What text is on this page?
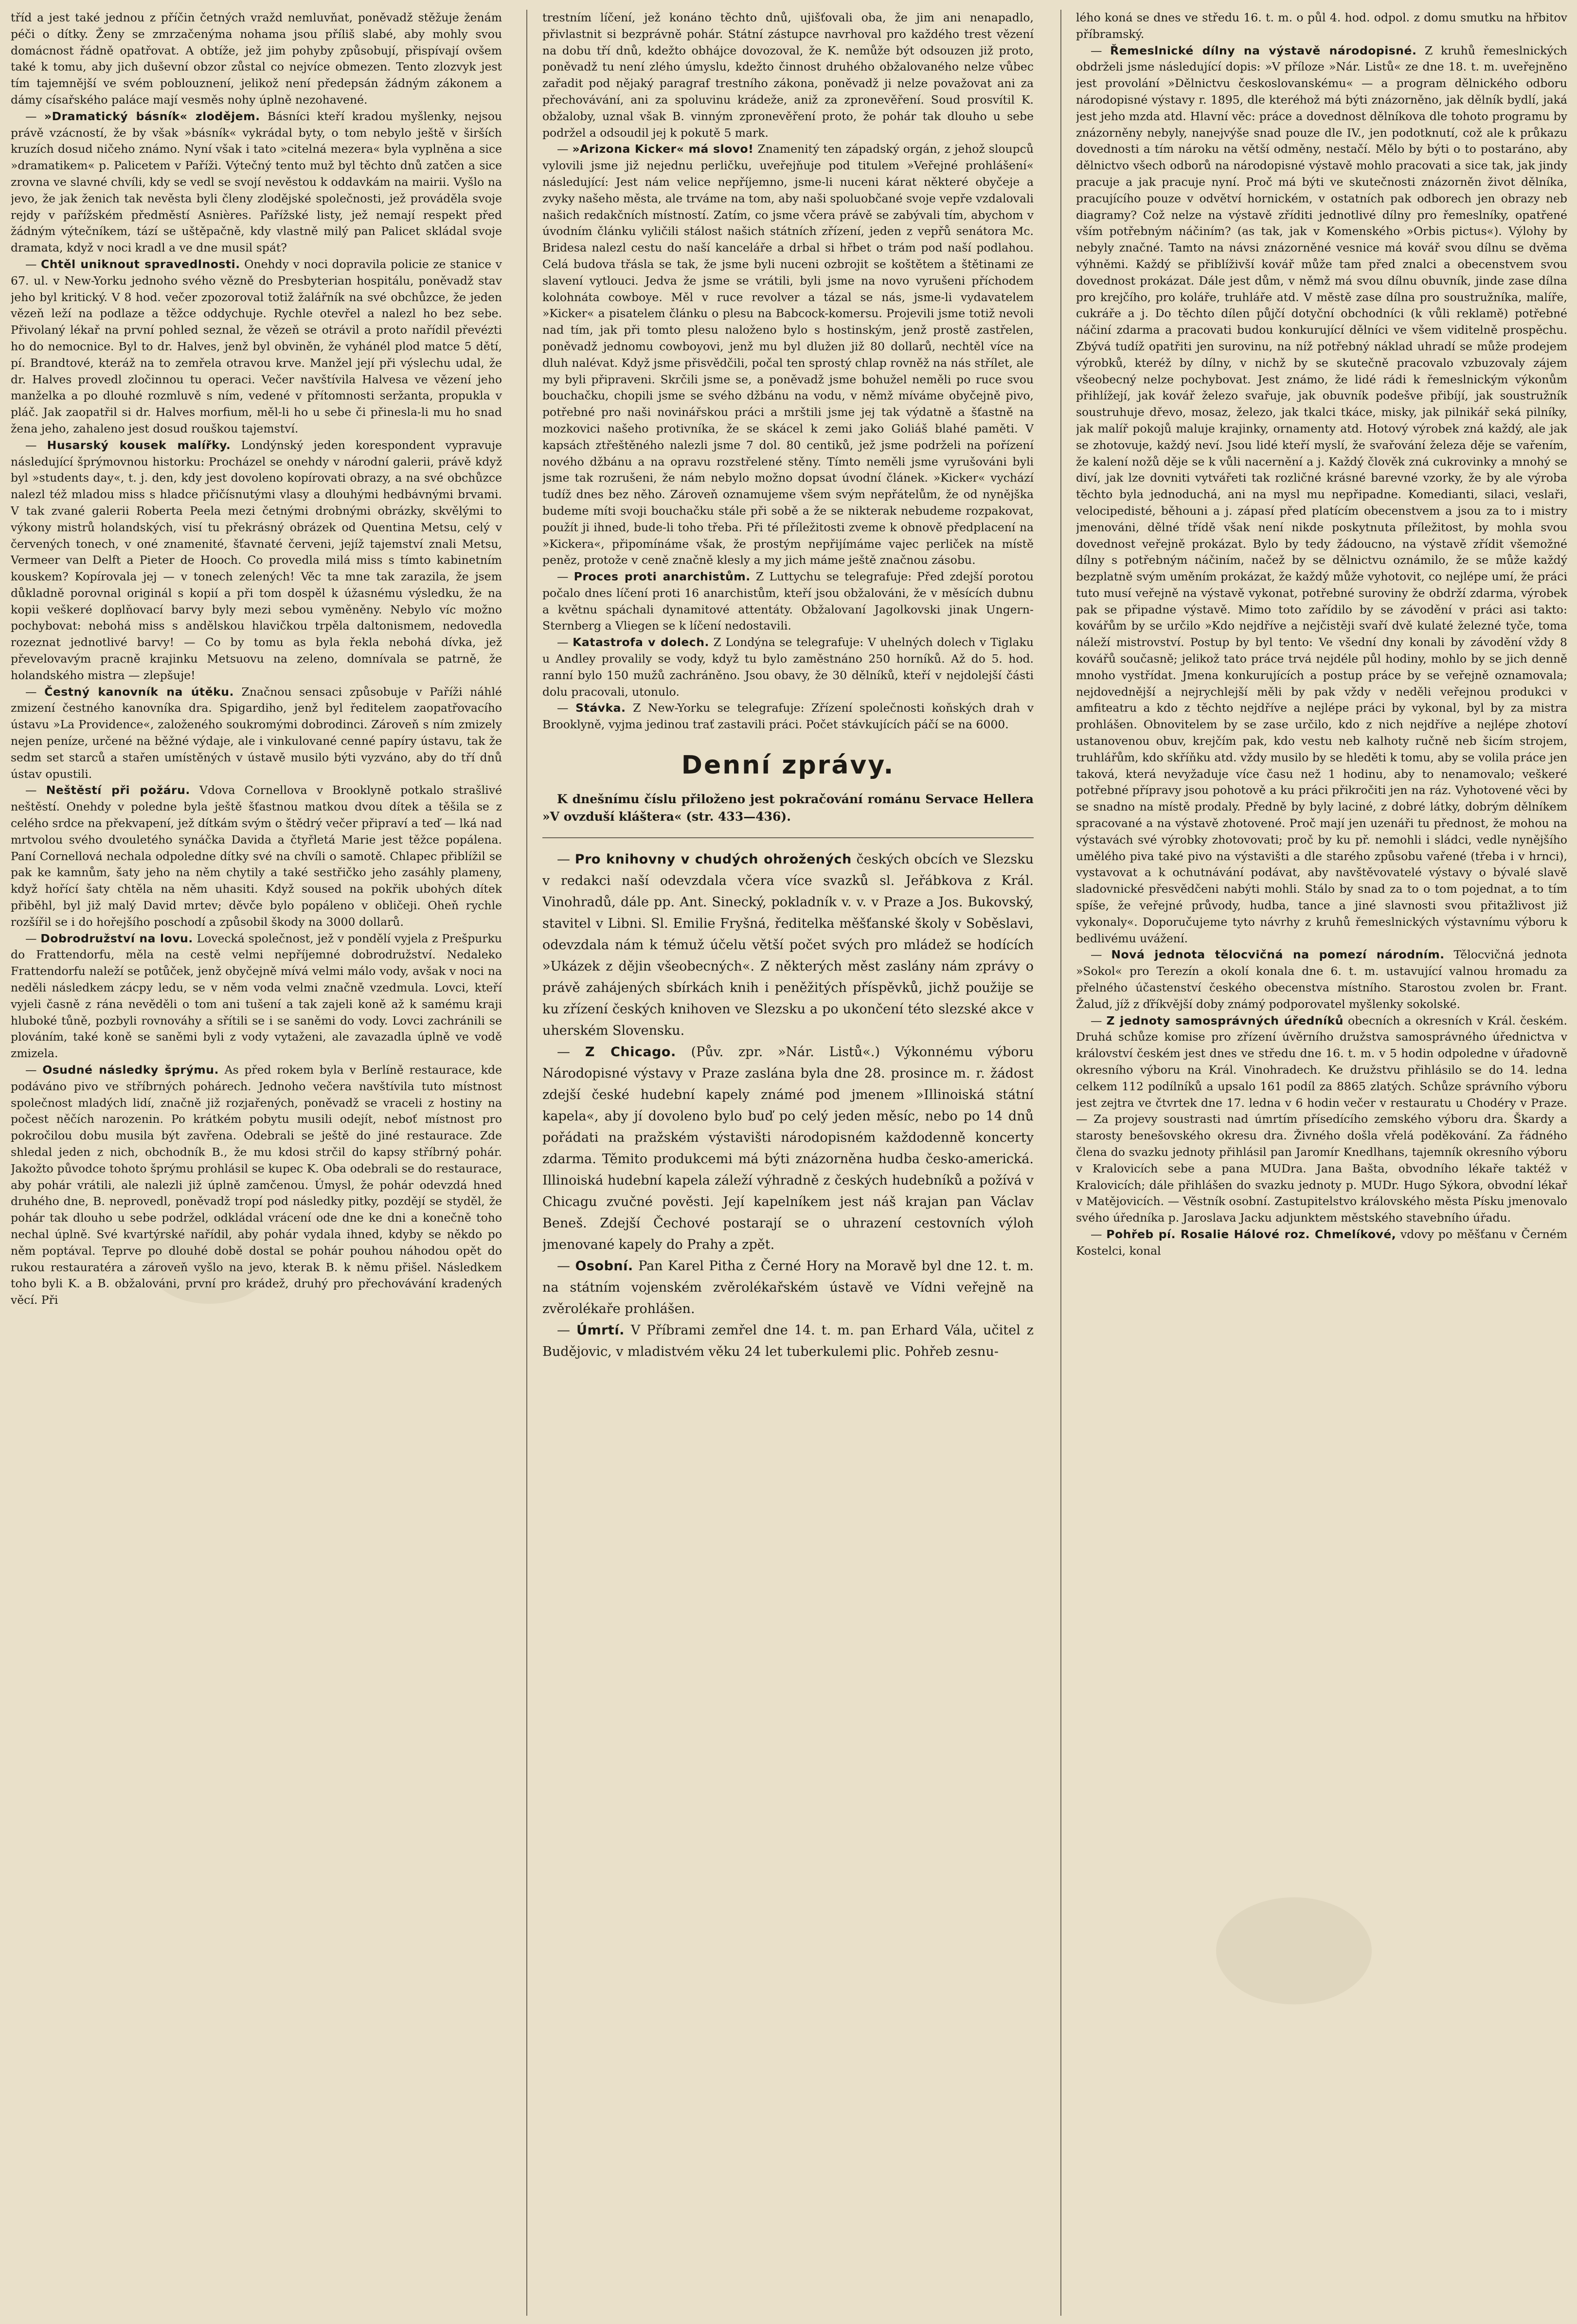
tříd a jest také jednou z příčin četných vražd nemluvňat, poněvadž stěžuje ženám péči o dítky. Ženy se zmrzačenýma nohama jsou příliš slabé, aby mohly svou domácnost řádně opatřovat. A obtíže, jež jim pohyby způsobují, přispívají ovšem také k tomu, aby jich duševní obzor zůstal co nejvíce obmezen. Tento zlozvyk jest tím tajemnější ve svém poblouznení, jelikož není předepsán žádným zákonem a dámy císařského paláce mají vesměs nohy úplně nezohavené.

— »Dramatický básník« zlodějem. Básníci kteří kradou myšlenky, nejsou právě vzácností, že by však »básník« vykrádal byty, o tom nebylo ještě v širších kruzích dosud ničeho známo. Nyní však i tato »citelná mezera« byla vyplněna a sice »dramatikem« p. Palicetem v Paříži. Výtečný tento muž byl těchto dnů zatčen a sice zrovna ve slavné chvíli, kdy se vedl se svojí nevěstou k oddavkám na mairii. Vyšlo na jevo, že jak ženich tak nevěsta byli členy zlodějské společnosti, jež prováděla svoje rejdy v pařížském předměstí Asnières. Pařížské listy, jež nemají respekt před žádným výtečníkem, tází se uštěpačně, kdy vlastně milý pan Palicet skládal svoje dramata, když v noci kradl a ve dne musil spát?

— Chtěl uniknout spravedlnosti. Onehdy v noci dopravila policie ze stanice v 67. ul. v New-Yorku jednoho svého vězně do Presbyterian hospitálu, poněvadž stav jeho byl kritický. V 8 hod. večer zpozoroval totiž žalářník na své obchůzce, že jeden vězeň leží na podlaze a těžce oddychuje. Rychle otevřel a nalezl ho bez sebe. Přivolaný lékař na první pohled seznal, že vězeň se otrávil a proto nařídil převézti ho do nemocnice. Byl to dr. Halves, jenž byl obviněn, že vyhánél plod matce 5 dětí, pí. Brandtové, kteráž na to zemřela otravou krve. Manžel její při výslechu udal, že dr. Halves provedl zločinnou tu operaci. Večer navštívila Halvesa ve vězení jeho manželka a po dlouhé rozmluvě s ním, vedené v přítomnosti seržanta, propukla v pláč. Jak zaopatřil si dr. Halves morfium, měl-li ho u sebe či přinesla-li mu ho snad žena jeho, zahaleno jest dosud rouškou tajemství.

— Husarský kousek malířky. Londýnský jeden korespondent vypravuje následující šprýmovnou historku: Procházel se onehdy v národní galerii, právě když byl »students day«, t. j. den, kdy jest dovoleno kopírovati obrazy, a na své obchůzce nalezl též mladou miss s hladce přičísnutými vlasy a dlouhými hedbávnými brvami. V tak zvané galerii Roberta Peela mezi četnými drobnými obrázky, skvělými to výkony mistrů holandských, visí tu překrásný obrázek od Quentina Metsu, celý v červených tonech, v oné znamenité, šťavnaté červeni, jejíž tajemství znali Metsu, Vermeer van Delft a Pieter de Hooch. Co provedla milá miss s tímto kabinetním kouskem? Kopírovala jej — v tonech zelených! Věc ta mne tak zarazila, že jsem důkladně porovnal originál s kopií a při tom dospěl k úžasnému výsledku, že na kopii veškeré doplňovací barvy byly mezi sebou vyměněny. Nebylo víc možno pochybovat: nebohá miss s andělskou hlavičkou trpěla daltonismem, nedovedla rozeznat jednotlivé barvy! — Co by tomu as byla řekla nebohá dívka, jež převelovavým pracně krajinku Metsuovu na zeleno, domnívala se patrně, že holandského mistra — zlepšuje!

— Čestný kanovník na útěku. Značnou sensaci způsobuje v Paříži náhlé zmizení čestného kanovníka dra. Spigardiho, jenž byl ředitelem zaopatřovacího ústavu »La Providence«, založeného soukromými dobrodinci. Zároveň s ním zmizely nejen peníze, určené na běžné výdaje, ale i vinkulované cenné papíry ústavu, tak že sedm set starců a stařen umístěných v ústavě musilo býti vyzváno, aby do tří dnů ústav opustili.

— Neštěstí při požáru. Vdova Cornellova v Brooklyně potkalo strašlivé neštěstí. Onehdy v poledne byla ještě šťastnou matkou dvou dítek a těšila se z celého srdce na překvapení, jež dítkám svým o štědrý večer připraví a teď — lká nad mrtvolou svého dvouletého synáčka Davida a čtyřletá Marie jest těžce popálena. Paní Cornellová nechala odpoledne dítky své na chvíli o samotě. Chlapec přiblížil se pak ke kamnům, šaty jeho na něm chytily a také sestřičko jeho zasáhly plameny, když hořící šaty chtěla na něm uhasiti. Když soused na pokřik ubohých dítek přiběhl, byl již malý David mrtev; děvče bylo popáleno v obličeji. Oheň rychle rozšířil se i do hořejšího poschodí a způsobil škody na 3000 dollarů.

— Dobrodružství na lovu. Lovecká společnost, jež v pondělí vyjela z Prešpurku do Frattendorfu, měla na cestě velmi nepříjemné dobrodružství. Nedaleko Frattendorfu naleží se potůček, jenž obyčejně mívá velmi málo vody, avšak v noci na neděli následkem zácpy ledu, se v něm voda velmi značně vzedmula. Lovci, kteří vyjeli časně z rána nevěděli o tom ani tušení a tak zajeli koně až k samému kraji hluboké tůně, pozbyli rovnováhy a sřítili se i se saněmi do vody. Lovci zachránili se plováním, také koně se saněmi byli z vody vytaženi, ale zavazadla úplně ve vodě zmizela.

— Osudné následky šprýmu. As před rokem byla v Berlíně restaurace, kde podáváno pivo ve stříbrných pohárech. Jednoho večera navštívila tuto místnost společnost mladých lidí, značně již rozjařených, poněvadž se vraceli z hostiny na počest něčích narozenin. Po krátkém pobytu musili odejít, neboť místnost pro pokročilou dobu musila být zavřena. Odebrali se ještě do jiné restaurace. Zde shledal jeden z nich, obchodník B., že mu kdosi strčil do kapsy stříbrný pohár. Jakožto původce tohoto šprýmu prohlásil se kupec K. Oba odebrali se do restaurace, aby pohár vrátili, ale nalezli již úplně zamčenou. Úmysl, že pohár odevzdá hned druhého dne, B. neprovedl, poněvadž tropí pod následky pitky, pozdějí se styděl, že pohár tak dlouho u sebe podržel, odkládal vrácení ode dne ke dni a konečně toho nechal úplně. Své kvartýrské nařídil, aby pohár vydala ihned, kdyby se někdo po něm poptával. Teprve po dlouhé době dostal se pohár pouhou náhodou opět do rukou restauratéra a zároveň vyšlo na jevo, kterak B. k němu přišel. Následkem toho byli K. a B. obžalováni, první pro krádež, druhý pro přechovávání kradených věcí. Při

trestním líčení, jež konáno těchto dnů, ujišťovali oba, že jim ani nenapadlo, přivlastnit si bezprávně pohár. Státní zástupce navrhoval pro každého trest vězení na dobu tří dnů, kdežto obhájce dovozoval, že K. nemůže být odsouzen již proto, poněvadž tu není zlého úmyslu, kdežto činnost druhého obžalovaného nelze vůbec zařadit pod nějaký paragraf trestního zákona, poněvadž ji nelze považovat ani za přechovávání, ani za spoluvinu krádeže, aniž za zpronevěření. Soud prosvítil K. obžaloby, uznal však B. vinným zpronevěření proto, že pohár tak dlouho u sebe podržel a odsoudil jej k pokutě 5 mark.

— »Arizona Kicker« má slovo! Znamenitý ten západský orgán, z jehož sloupců vylovili jsme již nejednu perličku, uveřejňuje pod titulem »Veřejné prohlášení« následující: Jest nám velice nepříjemno, jsme-li nuceni kárat některé obyčeje a zvyky našeho města, ale trváme na tom, aby naši spoluobčané svoje vepře vzdalovali našich redakčních místností. Zatím, co jsme včera právě se zabývali tím, abychom v úvodním článku vyličili stálost našich státních zřízení, jeden z vepřů senátora Mc. Bridesa nalezl cestu do naší kanceláře a drbal si hřbet o trám pod naší podlahou. Celá budova třásla se tak, že jsme byli nuceni ozbrojit se koštětem a štětinami ze slavení vytlouci. Jedva že jsme se vrátili, byli jsme na novo vyrušeni příchodem kolohnáta cowboye. Měl v ruce revolver a tázal se nás, jsme-li vydavatelem »Kicker« a pisatelem článku o plesu na Babcock-komersu. Projevili jsme totiž nevoli nad tím, jak při tomto plesu naloženo bylo s hostinským, jenž prostě zastřelen, poněvadž jednomu cowboyovi, jenž mu byl dlužen již 80 dollarů, nechtěl více na dluh nalévat. Když jsme přisvědčili, počal ten sprostý chlap rovněž na nás střílet, ale my byli připraveni. Skrčili jsme se, a poněvadž jsme bohužel neměli po ruce svou bouchačku, chopili jsme se svého džbánu na vodu, v němž míváme obyčejně pivo, potřebné pro naši novinářskou práci a mrštili jsme jej tak výdatně a šťastně na mozkovici našeho protivníka, že se skácel k zemi jako Goliáš blahé paměti. V kapsách ztřeštěného nalezli jsme 7 dol. 80 centiků, jež jsme podrželi na pořízení nového džbánu a na opravu rozstřelené stěny. Tímto neměli jsme vyrušováni byli jsme tak rozrušeni, že nám nebylo možno dopsat úvodní článek. »Kicker« vychází tudíž dnes bez něho. Zároveň oznamujeme všem svým nepřátelům, že od nynějška budeme míti svoji bouchačku stále při sobě a že se nikterak nebudeme rozpakovat, použít ji ihned, bude-li toho třeba. Při té příležitosti zveme k obnově předplacení na »Kickera«, připomínáme však, že prostým nepřijímáme vajec perliček na místě peněz, protože v ceně značně klesly a my jich máme ještě značnou zásobu.

— Proces proti anarchistům. Z Luttychu se telegrafuje: Před zdejší porotou počalo dnes líčení proti 16 anarchistům, kteří jsou obžalováni, že v měsících dubnu a květnu spáchali dynamitové attentáty. Obžalovaní Jagolkovski jinak Ungern-Sternberg a Vliegen se k líčení nedostavili.

— Katastrofa v dolech. Z Londýna se telegrafuje: V uhelných dolech v Tiglaku u Andley provalily se vody, když tu bylo zaměstnáno 250 horníků. Až do 5. hod. ranní bylo 150 mužů zachráněno. Jsou obavy, že 30 dělníků, kteří v nejdolejší části dolu pracovali, utonulo.

— Stávka. Z New-Yorku se telegrafuje: Zřízení společnosti koňských drah v Brooklyně, vyjma jedinou trať zastavili práci. Počet stávkujících páčí se na 6000.

Denní zprávy.

K dnešnímu číslu přiloženo jest pokračování románu Servace Hellera »V ovzduší kláštera« (str. 433—436).

— Pro knihovny v chudých ohrožených českých obcích ve Slezsku v redakci naší odevzdala včera více svazků sl. Jeřábkova z Král. Vinohradů, dále pp. Ant. Sinecký, pokladník v. v. v Praze a Jos. Bukovský, stavitel v Libni. Sl. Emilie Fryšná, ředitelka měšťanské školy v Soběslavi, odevzdala nám k témuž účelu větší počet svých pro mládež se hodících »Ukázek z dějin všeobecných«. Z některých měst zaslány nám zprávy o právě zahájených sbírkách knih i peněžitých příspěvků, jichž použije se ku zřízení českých knihoven ve Slezsku a po ukončení této slezské akce v uherském Slovensku.

— Z Chicago. (Pův. zpr. »Nár. Listů«.) Výkonnému výboru Národopisné výstavy v Praze zaslána byla dne 28. prosince m. r. žádost zdejší české hudební kapely známé pod jmenem »Illinoiská státní kapela«, aby jí dovoleno bylo buď po celý jeden měsíc, nebo po 14 dnů pořádati na pražském výstavišti národopisném každodenně koncerty zdarma. Těmito produkcemi má býti znázorněna hudba česko-americká. Illinoiská hudební kapela záleží výhradně z českých hudebníků a požívá v Chicagu zvučné pověsti. Její kapelníkem jest náš krajan pan Václav Beneš. Zdejší Čechové postarají se o uhrazení cestovních výloh jmenované kapely do Prahy a zpět.

— Osobní. Pan Karel Pitha z Černé Hory na Moravě byl dne 12. t. m. na státním vojenském zvěrolékařském ústavě ve Vídni veřejně na zvěrolékaře prohlášen.

— Úmrtí. V Příbrami zemřel dne 14. t. m. pan Erhard Vála, učitel z Budějovic, v mladistvém věku 24 let tuberkulemi plic. Pohřeb zesnu-

lého koná se dnes ve středu 16. t. m. o půl 4. hod. odpol. z domu smutku na hřbitov příbramský.

— Řemeslnické dílny na výstavě národopisné. Z kruhů řemeslnických obdrželi jsme následující dopis: »V příloze »Nár. Listů« ze dne 18. t. m. uveřejněno jest provolání »Dělnictvu českoslovanskému« — a program dělnického odboru národopisné výstavy r. 1895, dle kteréhož má býti znázorněno, jak dělník bydlí, jaká jest jeho mzda atd. Hlavní věc: práce a dovednost dělníkova dle tohoto programu by znázorněny nebyly, nanejvýše snad pouze dle IV., jen podotknutí, což ale k průkazu dovednosti a tím nároku na větší odměny, nestačí. Mělo by býti o to postaráno, aby dělnictvo všech odborů na národopisné výstavě mohlo pracovati a sice tak, jak jindy pracuje a jak pracuje nyní. Proč má býti ve skutečnosti znázorněn život dělníka, pracujícího pouze v odvětví hornickém, v ostatních pak odborech jen obrazy neb diagramy? Což nelze na výstavě zříditi jednotlivé dílny pro řemeslníky, opatřené vším potřebným náčiním? (as tak, jak v Komenského »Orbis pictus«). Výlohy by nebyly značné. Tamto na návsi znázorněné vesnice má kovář svou dílnu se dvěma výhněmi. Každý se přiblíživší kovář může tam před znalci a obecenstvem svou dovednost prokázat. Dále jest dům, v němž má svou dílnu obuvník, jinde zase dílna pro krejčího, pro koláře, truhláře atd. V městě zase dílna pro soustružníka, malíře, cukráře a j. Do těchto dílen půjčí dotyční obchodníci (k vůli reklamě) potřebné náčiní zdarma a pracovati budou konkurující dělníci ve všem viditelně prospěchu. Zbývá tudíž opatřiti jen surovinu, na níž potřebný náklad uhradí se může prodejem výrobků, kteréž by dílny, v nichž by se skutečně pracovalo vzbuzovaly zájem všeobecný nelze pochybovat. Jest známo, že lidé rádi k řemeslnickým výkonům přihlížejí, jak kovář železo svařuje, jak obuvník podešve přibíjí, jak soustružník soustruhuje dřevo, mosaz, železo, jak tkalci tkáce, misky, jak pilnikář seká pilníky, jak malíř pokojů maluje krajinky, ornamenty atd. Hotový výrobek zná každý, ale jak se zhotovuje, každý neví. Jsou lidé kteří myslí, že svařování železa děje se vařením, že kalení nožů děje se k vůli nacernění a j. Každý člověk zná cukrovinky a mnohý se diví, jak lze dovniti vytvářeti tak rozličné krásné barevné vzorky, že by ale výroba těchto byla jednoduchá, ani na mysl mu nepřipadne. Komedianti, silaci, veslaři, velocipedisté, běhouni a j. zápasí před platícím obecenstvem a jsou za to i mistry jmenováni, dělné třídě však není nikde poskytnuta příležitost, by mohla svou dovednost veřejně prokázat. Bylo by tedy žádoucno, na výstavě zřídit všemožné dílny s potřebným náčiním, načež by se dělnictvu oznámilo, že se může každý bezplatně svým uměním prokázat, že každý může vyhotovit, co nejlépe umí, že práci tuto musí veřejně na výstavě vykonat, potřebné suroviny že obdrží zdarma, výrobek pak se připadne výstavě. Mimo toto zařídilo by se závodění v práci asi takto: kovářům by se určilo »Kdo nejdříve a nejčistěji svaří dvě kulaté železné tyče, toma náleží mistrovství. Postup by byl tento: Ve všední dny konali by závodění vždy 8 kovářů současně; jelikož tato práce trvá nejdéle půl hodiny, mohlo by se jich denně mnoho vystřídat. Jmena konkurujících a postup práce by se veřejně oznamovala; nejdovednější a nejrychlejší měli by pak vždy v neděli veřejnou produkci v amfiteatru a kdo z těchto nejdříve a nejlépe práci by vykonal, byl by za mistra prohlášen. Obnovitelem by se zase určilo, kdo z nich nejdříve a nejlépe zhotoví ustanovenou obuv, krejčím pak, kdo vestu neb kalhoty ručně neb šicím strojem, truhlářům, kdo skříňku atd. vždy musilo by se hleděti k tomu, aby se volila práce jen taková, která nevyžaduje více času než 1 hodinu, aby to nenamovalo; veškeré potřebné přípravy jsou pohotově a ku práci přikročiti jen na ráz. Vyhotovené věci by se snadno na místě prodaly. Předně by byly laciné, z dobré látky, dobrým dělníkem spracované a na výstavě zhotovené. Proč mají jen uzenáři tu přednost, že mohou na výstavách své výrobky zhotovovati; proč by ku př. nemohli i sládci, vedle nynějšího umělého piva také pivo na výstavišti a dle starého způsobu vařené (třeba i v hrnci), vystavovat a k ochutnávání podávat, aby navštěvovatelé výstavy o bývalé slavě sladovnické přesvědčeni nabýti mohli. Stálo by snad za to o tom pojednat, a to tím spíše, že veřejné průvody, hudba, tance a jiné slavnosti svou přitažlivost již vykonaly«. Doporučujeme tyto návrhy z kruhů řemeslnických výstavnímu výboru k bedlivému uvážení.

— Nová jednota tělocvičná na pomezí národním. Tělocvičná jednota »Sokol« pro Terezín a okolí konala dne 6. t. m. ustavující valnou hromadu za přelného účastenství českého obecenstva místního. Starostou zvolen br. Frant. Žalud, jíž z ďříkvější doby známý podporovatel myšlenky sokolské.

— Z jednoty samosprávných úředníků obecních a okresních v Král. českém. Druhá schůze komise pro zřízení úvěrního družstva samosprávného úřednictva v království českém jest dnes ve středu dne 16. t. m. v 5 hodin odpoledne v úřadovně okresního výboru na Král. Vinohradech. Ke družstvu přihlásilo se do 14. ledna celkem 112 podílníků a upsalo 161 podíl za 8865 zlatých. Schůze správního výboru jest zejtra ve čtvrtek dne 17. ledna v 6 hodin večer v restauratu u Chodéry v Praze. — Za projevy soustrasti nad úmrtím přísedícího zemského výboru dra. Škardy a starosty benešovského okresu dra. Živného došla vřelá poděkování. Za řádného člena do svazku jednoty přihlásil pan Jaromír Knedlhans, tajemník okresního výboru v Kralovicích sebe a pana MUDra. Jana Bašta, obvodního lékaře taktéž v Kralovicích; dále přihlášen do svazku jednoty p. MUDr. Hugo Sýkora, obvodní lékař v Matějovicích. — Věstník osobní. Zastupitelstvo královského města Písku jmenovalo svého úředníka p. Jaroslava Jacku adjunktem městského stavebního úřadu.

— Pohřeb pí. Rosalie Hálové roz. Chmelíkové, vdovy po měšťanu v Černém Kostelci, konal
